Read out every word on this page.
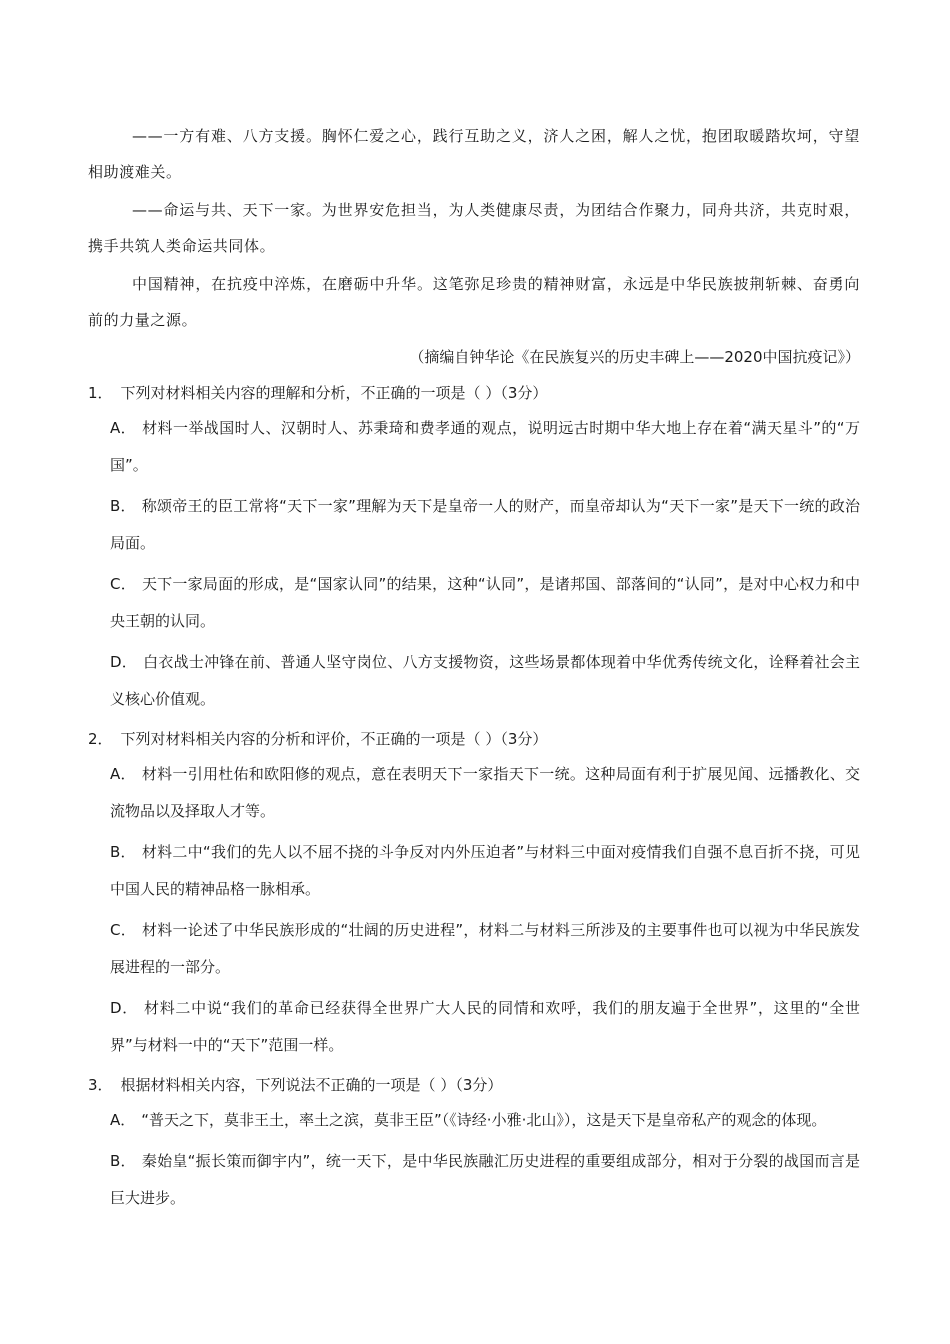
——一方有难、八方支援。胸怀仁爱之心，践行互助之义，济人之困，解人之忧，抱团取暖踏坎坷，守望相助渡难关。

——命运与共、天下一家。为世界安危担当，为人类健康尽责，为团结合作聚力，同舟共济，共克时艰，携手共筑人类命运共同体。

中国精神，在抗疫中淬炼，在磨砺中升华。这笔弥足珍贵的精神财富，永远是中华民族披荆斩棘、奋勇向前的力量之源。

（摘编自钟华论《在民族复兴的历史丰碑上——2020中国抗疫记》）

1． 下列对材料相关内容的理解和分析，不正确的一项是（ ）（3分）

A． 材料一举战国时人、汉朝时人、苏秉琦和费孝通的观点，说明远古时期中华大地上存在着“满天星斗”的“万国”。

B． 称颂帝王的臣工常将“天下一家”理解为天下是皇帝一人的财产，而皇帝却认为“天下一家”是天下一统的政治局面。

C． 天下一家局面的形成，是“国家认同”的结果，这种“认同”，是诸邦国、部落间的“认同”，是对中心权力和中央王朝的认同。

D． 白衣战士冲锋在前、普通人坚守岗位、八方支援物资，这些场景都体现着中华优秀传统文化，诠释着社会主义核心价值观。

2． 下列对材料相关内容的分析和评价，不正确的一项是（ ）（3分）

A． 材料一引用杜佑和欧阳修的观点，意在表明天下一家指天下一统。这种局面有利于扩展见闻、远播教化、交流物品以及择取人才等。

B． 材料二中“我们的先人以不屈不挠的斗争反对内外压迫者”与材料三中面对疫情我们自强不息百折不挠，可见中国人民的精神品格一脉相承。

C． 材料一论述了中华民族形成的“壮阔的历史进程”，材料二与材料三所涉及的主要事件也可以视为中华民族发展进程的一部分。

D． 材料二中说“我们的革命已经获得全世界广大人民的同情和欢呼，我们的朋友遍于全世界”，这里的“全世界”与材料一中的“天下”范围一样。

3． 根据材料相关内容，下列说法不正确的一项是（ ）（3分）

A． “普天之下，莫非王土，率土之滨，莫非王臣”（《诗经·小雅·北山》），这是天下是皇帝私产的观念的体现。

B． 秦始皇“振长策而御宇内”，统一天下，是中华民族融汇历史进程的重要组成部分，相对于分裂的战国而言是巨大进步。
